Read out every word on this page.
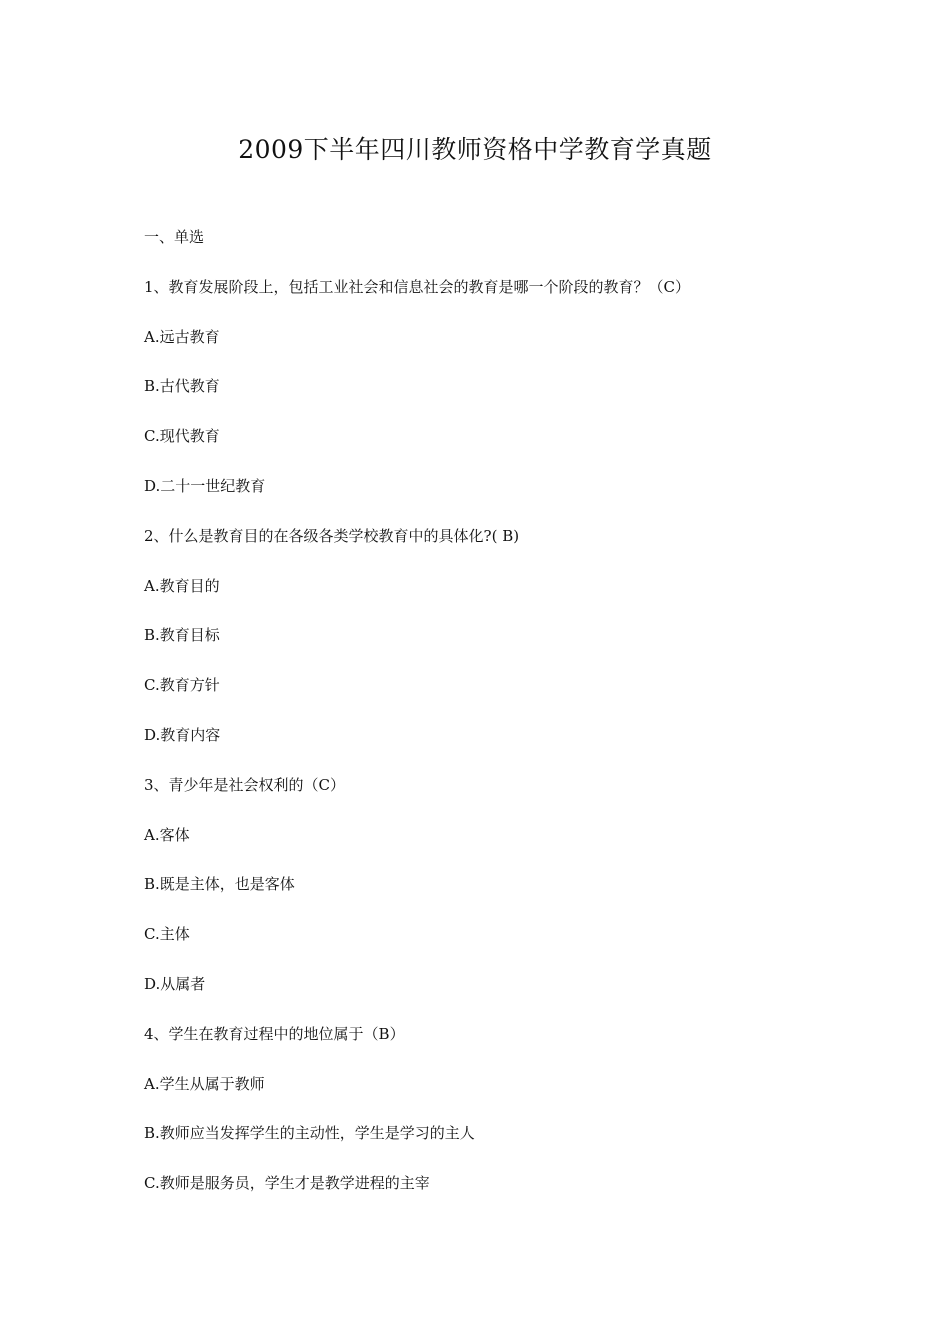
2009下半年四川教师资格中学教育学真题
一、单选
1、教育发展阶段上，包括工业社会和信息社会的教育是哪一个阶段的教育？（C）
A.远古教育
B.古代教育
C.现代教育
D.二十一世纪教育
2、什么是教育目的在各级各类学校教育中的具体化?( B)
A.教育目的
B.教育目标
C.教育方针
D.教育内容
3、青少年是社会权利的（C）
A.客体
B.既是主体，也是客体
C.主体
D.从属者
4、学生在教育过程中的地位属于（B）
A.学生从属于教师
B.教师应当发挥学生的主动性，学生是学习的主人
C.教师是服务员，学生才是教学进程的主宰
